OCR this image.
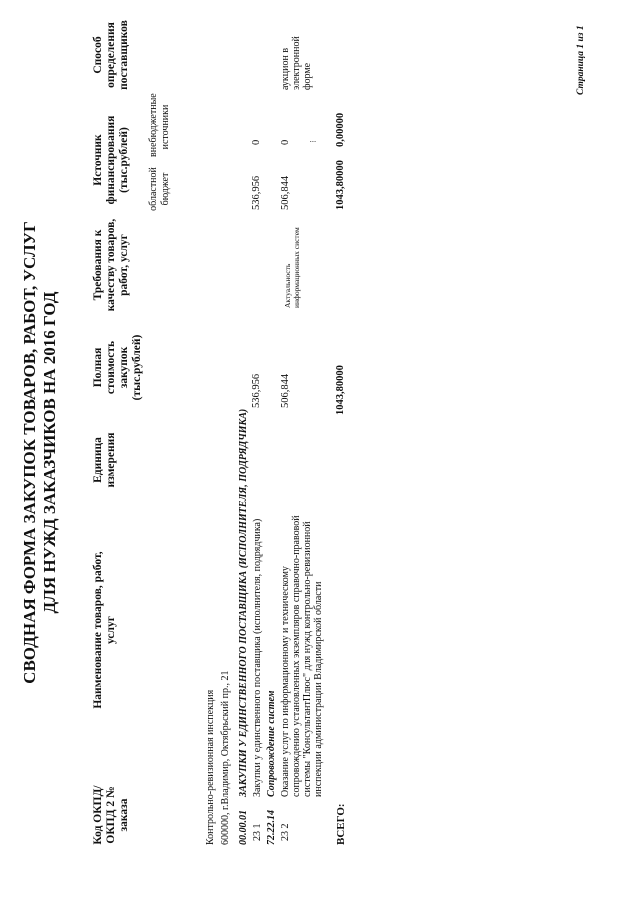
СВОДНАЯ ФОРМА ЗАКУПОК ТОВАРОВ, РАБОТ, УСЛУГ ДЛЯ НУЖД ЗАКАЗЧИКОВ НА 2016 ГОД
Код ОКПД/ ОКПД 2 № заказа
Наименование товаров, работ, услуг
Единица измерения
Полная стоимость закупок (тыс.рублей)
Требования к качеству товаров, работ, услуг
Источник финансирования (тыс.рублей) областной бюджет
внебюджетные источники
Способ определения поставщиков
Контрольно-ревизионная инспекция 600000, г.Владимир, Октябрьский пр., 21 00.00.01
ЗАКУПКИ У ЕДИНСТВЕННОГО ПОСТАВЩИКА (ИСПОЛНИТЕЛЯ, ПОДРЯДЧИКА)
23 1
Закупки у единственного поставщика (исполнителя, подрядчика)
536,956
536,956
0
72.22.14
Сопровождение систем
23 2
Оказание услуг по информационному и техническому сопровождению установленных экземпляров справочно-правовой системы "КонсультантПлюс" для нужд контрольно-ревизионной инспекции администрации Владимирской области
506,844
Актуальность информационных систем
506,844
0
аукцион в электронной форме
⁝
ВСЕГО:
1043,80000
1043,80000
0,00000
Страница 1 из 1
